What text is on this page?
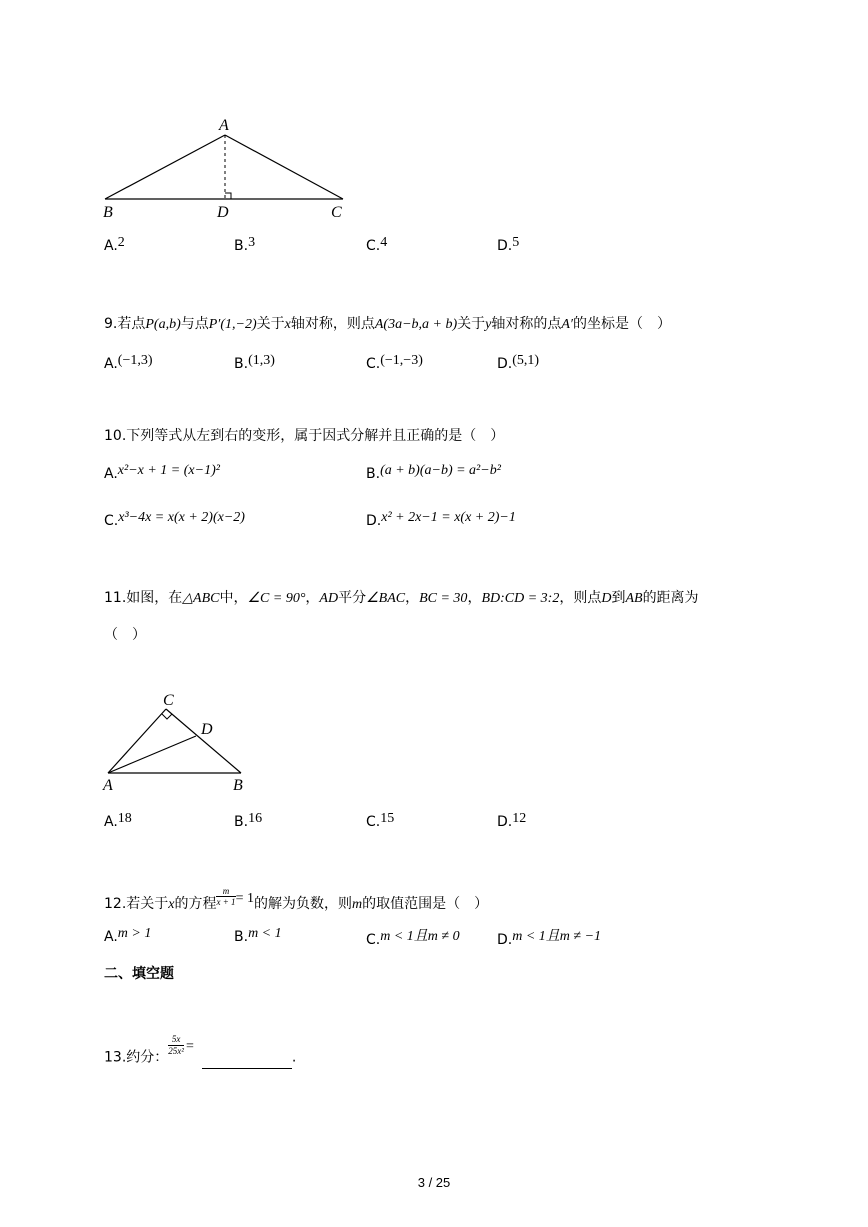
A
B	D	C
A.2	B.3	C.4	D.5
9.若点P(a,b)与点P′(1,−2)关于x轴对称，则点A(3a−b,a + b)关于y轴对称的点A′的坐标是（　）
A.(−1,3)	B.(1,3)	C.(−1,−3)	D.(5,1)
10.下列等式从左到右的变形，属于因式分解并且正确的是（　）
A.x²−x + 1 = (x−1)²	B.(a + b)(a−b) = a²−b²
C.x³−4x = x(x + 2)(x−2)	D.x² + 2x−1 = x(x + 2)−1
11.如图，在△ABC中，∠C = 90°，AD平分∠BAC，BC = 30，BD:CD = 3:2，则点D到AB的距离为
（　）
C
D
A	B
A.18	B.16	C.15	D.12
12.若关于x的方程 $\frac{m}{x + 1} = 1$的解为负数，则m的取值范围是（　）
A.m > 1	B.m < 1	C.m < 1且m ≠ 0	D.m < 1且m ≠ −1
二、填空题
13.约分：
$\frac{5x}{\text{25x²}}$ =.
3 / 25
